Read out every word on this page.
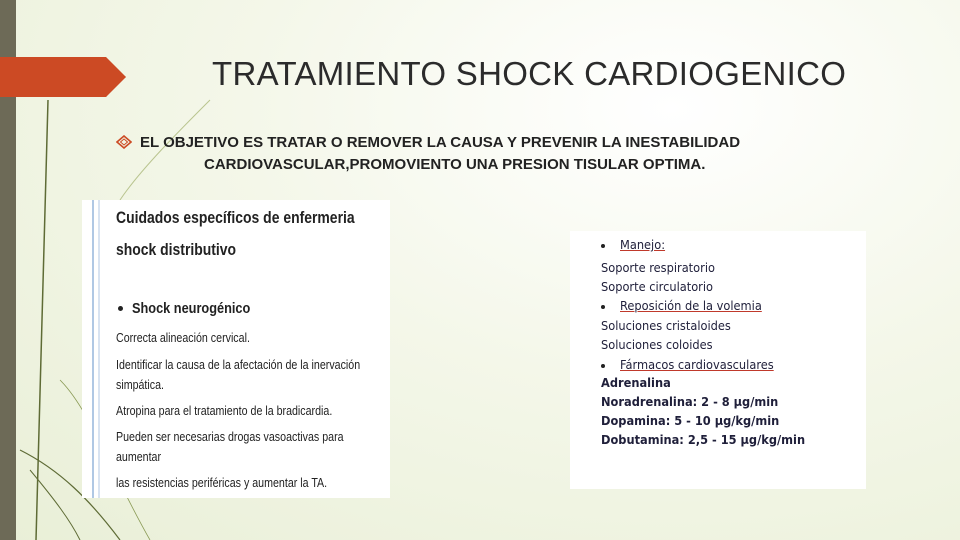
TRATAMIENTO SHOCK CARDIOGENICO

EL OBJETIVO ES TRATAR O REMOVER LA CAUSA Y PREVENIR LA INESTABILIDAD
CARDIOVASCULAR,PROMOVIENTO UNA PRESION TISULAR OPTIMA.

Cuidados específicos de enfermeria
shock distributivo
Shock neurogénico
Correcta alineación cervical.
Identificar la causa de la afectación de la inervación
simpática.
Atropina para el tratamiento de la bradicardia.
Pueden ser necesarias drogas vasoactivas para
aumentar
las resistencias periféricas y aumentar la TA.
Manejo:
Soporte respiratorio
Soporte circulatorio
Reposición de la volemia
Soluciones cristaloides
Soluciones coloides
Fármacos cardiovasculares
Adrenalina
Noradrenalina: 2 - 8 µg/min
Dopamina: 5 - 10 µg/kg/min
Dobutamina: 2,5 - 15 µg/kg/min
